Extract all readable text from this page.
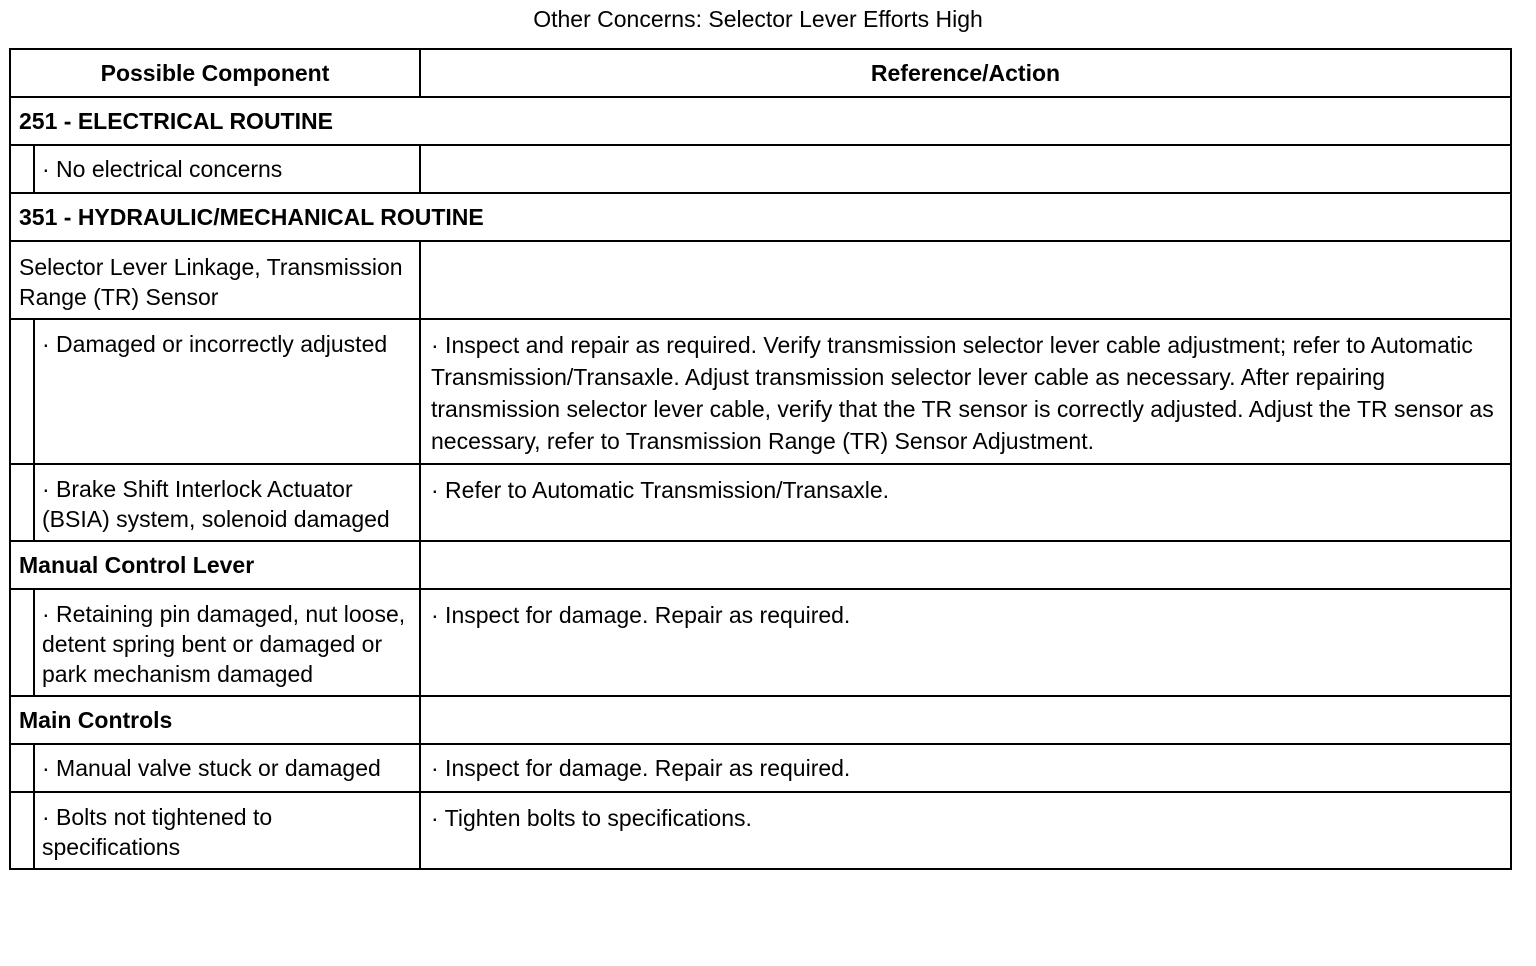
Other Concerns: Selector Lever Efforts High
Possible Component		Reference/Action
251 - ELECTRICAL ROUTINE		
	· No electrical concerns	
351 - HYDRAULIC/MECHANICAL ROUTINE		
Selector Lever Linkage, Transmission Range (TR) Sensor		
	· Damaged or incorrectly adjusted	· Inspect and repair as required. Verify transmission selector lever cable adjustment; refer to Automatic Transmission/Transaxle. Adjust transmission selector lever cable as necessary. After repairing transmission selector lever cable, verify that the TR sensor is correctly adjusted. Adjust the TR sensor as necessary, refer to Transmission Range (TR) Sensor Adjustment.
	· Brake Shift Interlock Actuator (BSIA) system, solenoid damaged	· Refer to Automatic Transmission/Transaxle.
Manual Control Lever		
	· Retaining pin damaged, nut loose, detent spring bent or damaged or park mechanism damaged	· Inspect for damage. Repair as required.
Main Controls		
	· Manual valve stuck or damaged	· Inspect for damage. Repair as required.
	· Bolts not tightened to specifications	· Tighten bolts to specifications.
